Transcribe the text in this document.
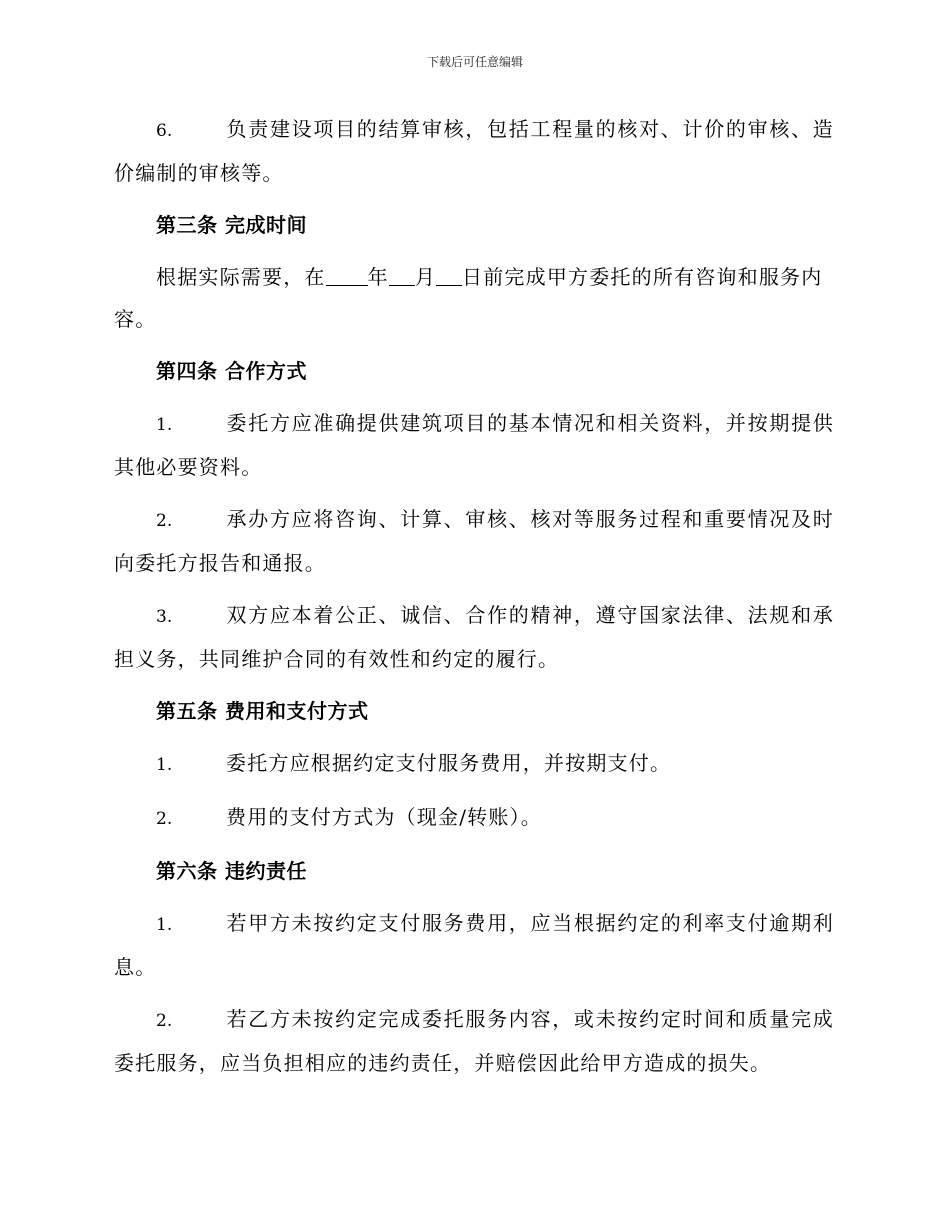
下载后可任意编辑

6.	负责建设项目的结算审核，包括工程量的核对、计价的审核、造价编制的审核等。

第三条 完成时间

根据实际需要，在 年 月 日前完成甲方委托的所有咨询和服务内容。

第四条 合作方式

1.	委托方应准确提供建筑项目的基本情况和相关资料，并按期提供其他必要资料。

2.	承办方应将咨询、计算、审核、核对等服务过程和重要情况及时向委托方报告和通报。

3.	双方应本着公正、诚信、合作的精神，遵守国家法律、法规和承担义务，共同维护合同的有效性和约定的履行。

第五条 费用和支付方式

1.	委托方应根据约定支付服务费用，并按期支付。

2.	费用的支付方式为（现金/转账）。

第六条 违约责任

1.	若甲方未按约定支付服务费用，应当根据约定的利率支付逾期利息。

2.	若乙方未按约定完成委托服务内容，或未按约定时间和质量完成委托服务，应当负担相应的违约责任，并赔偿因此给甲方造成的损失。
